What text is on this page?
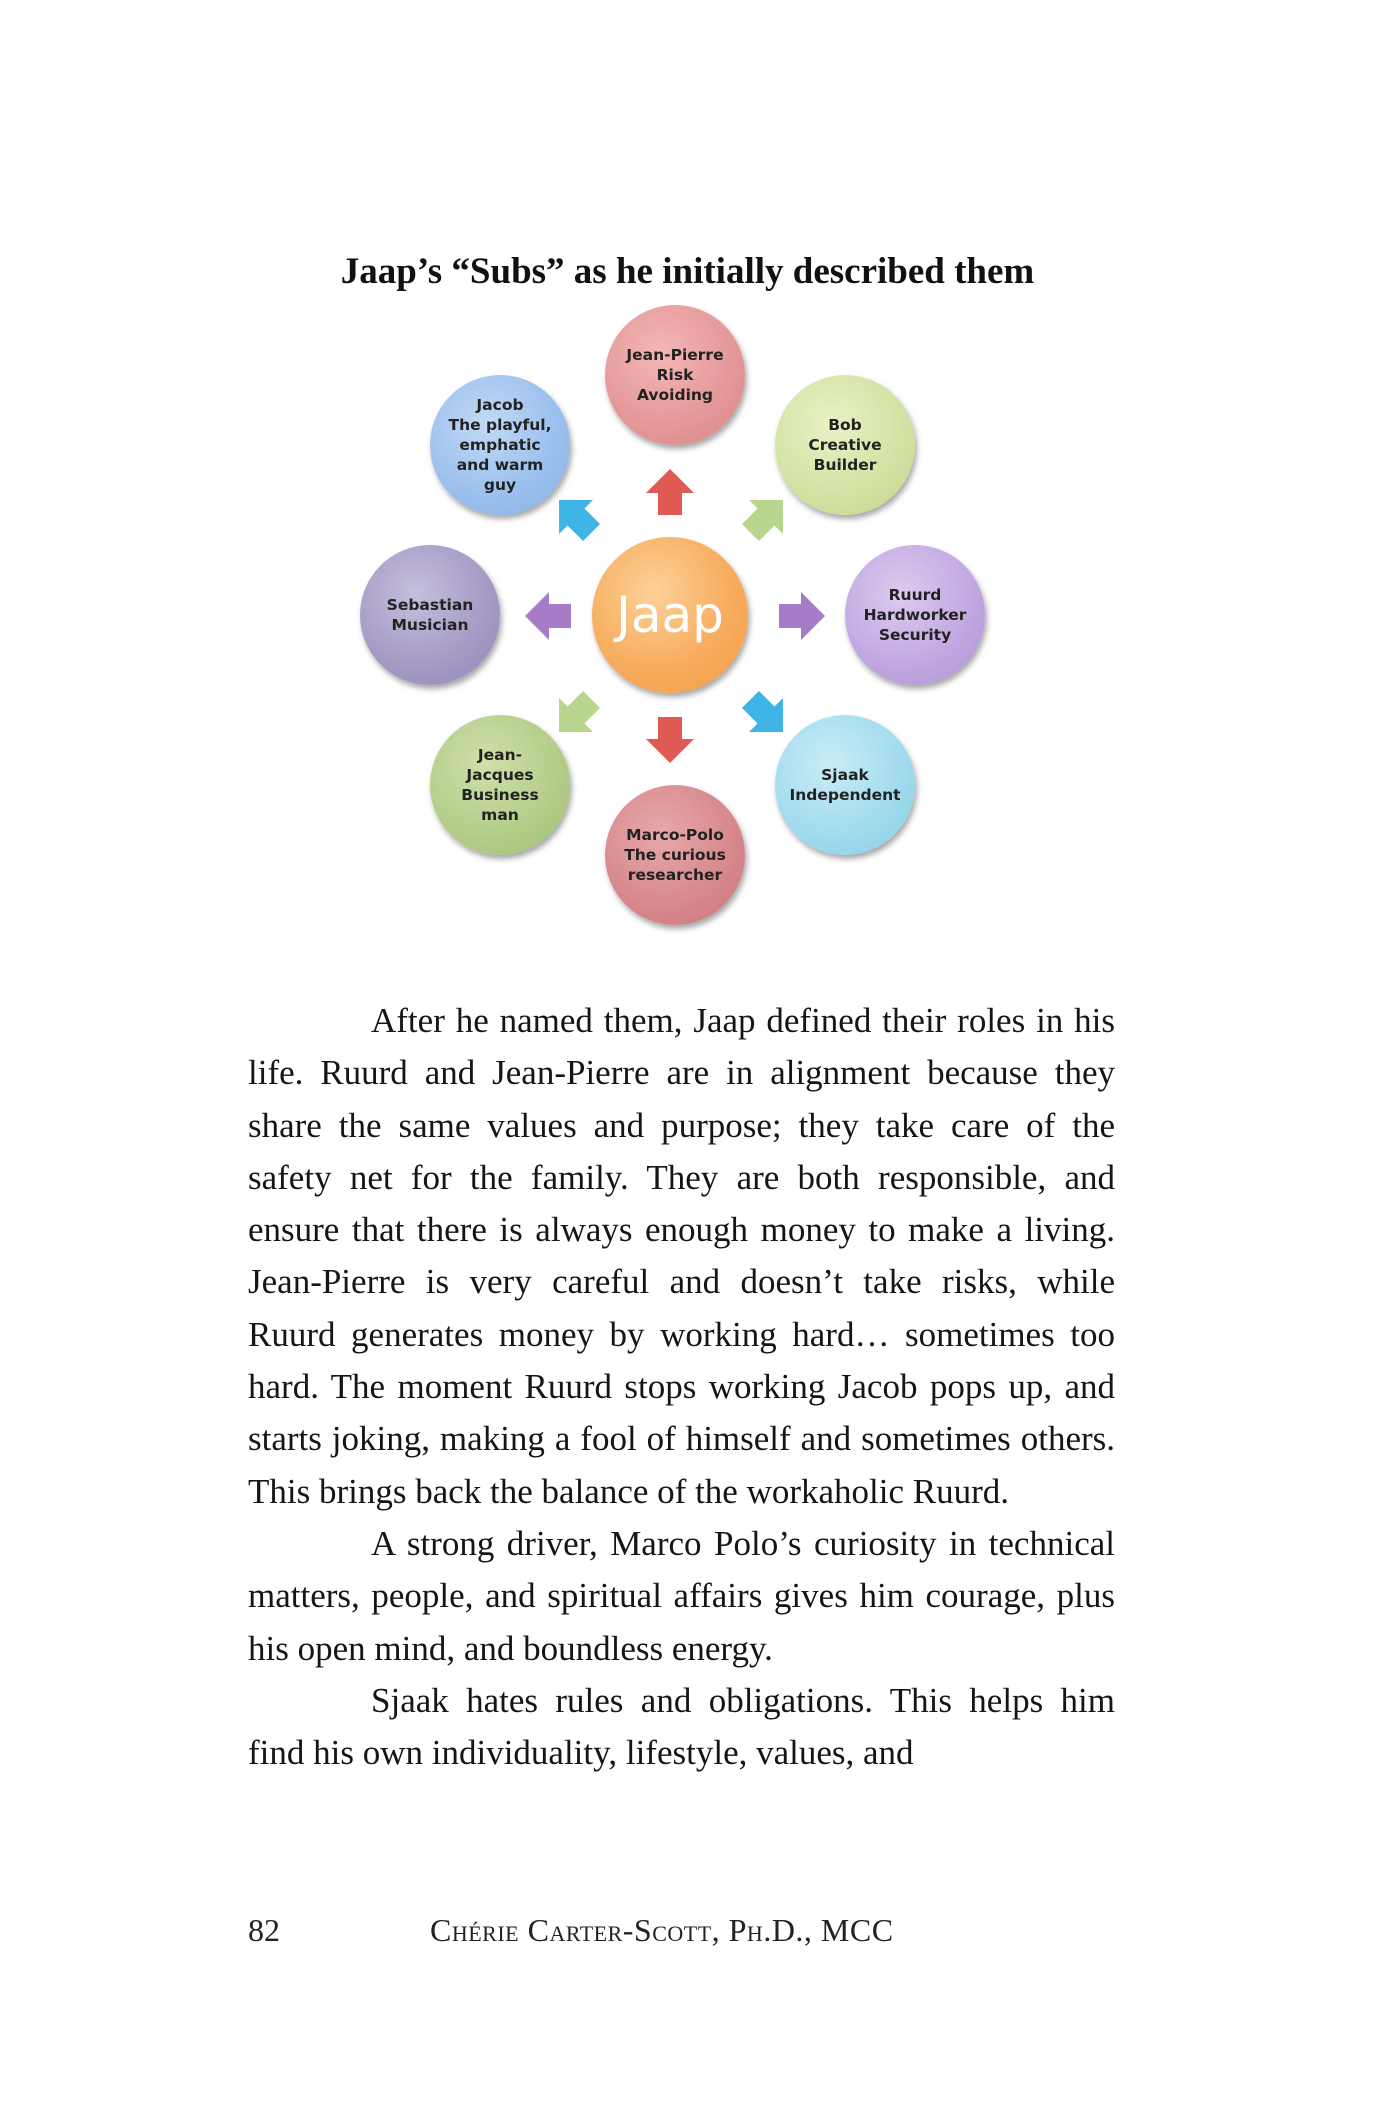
Jaap’s “Subs” as he initially described them
Jean-Pierre
Risk
Avoiding
Bob
Creative
Builder
Ruurd
Hardworker
Security
Sjaak
Independent
Marco-Polo
The curious
researcher
Jean-
Jacques
Business
man
Sebastian
Musician
Jacob
The playful,
emphatic
and warm
guy
Jaap

After he named them, Jaap defined their roles in his life. Ruurd and Jean-Pierre are in alignment because they share the same values and purpose; they take care of the safety net for the family. They are both responsible, and ensure that there is always enough money to make a living. Jean-Pierre is very careful and doesn’t take risks, while Ruurd generates money by working hard… sometimes too hard. The moment Ruurd stops working Jacob pops up, and starts joking, making a fool of himself and sometimes others. This brings back the balance of the workaholic Ruurd.

A strong driver, Marco Polo’s curiosity in technical matters, people, and spiritual affairs gives him courage, plus his open mind, and boundless energy.

Sjaak hates rules and obligations. This helps him find his own individuality, lifestyle, values, and

82	Chérie Carter-Scott, Ph.D., MCC
